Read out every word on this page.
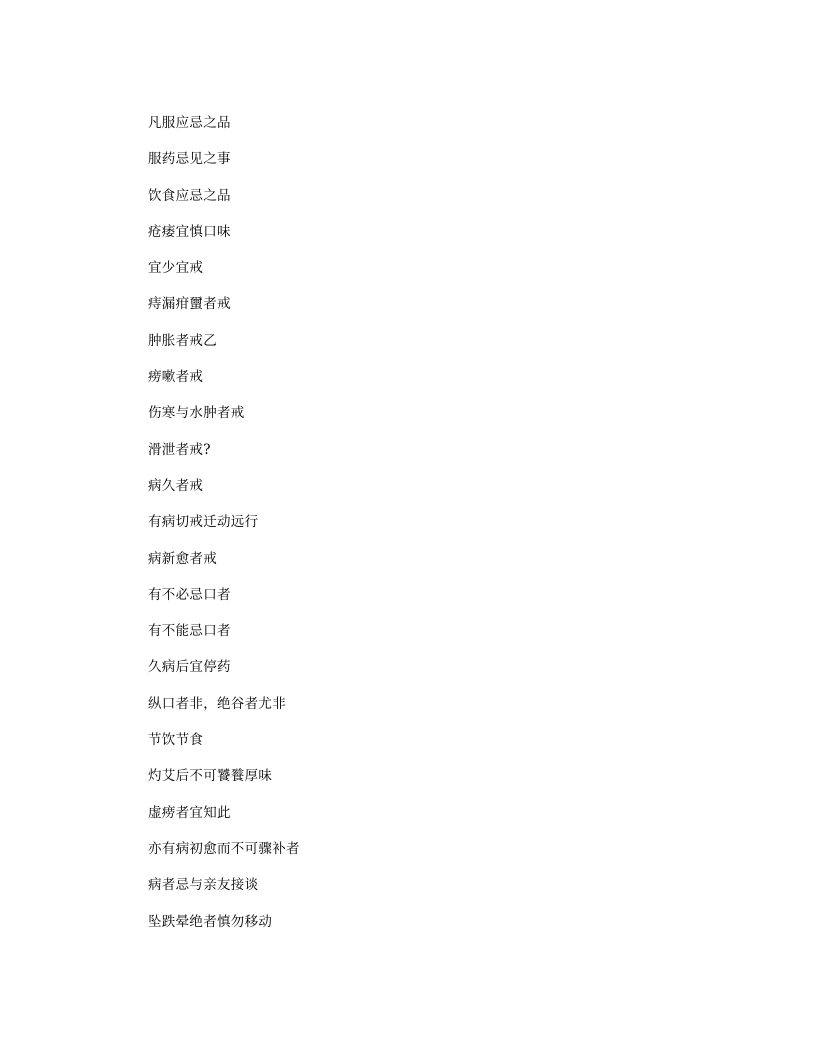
凡服应忌之品
服药忌见之事
饮食应忌之品
疮痿宜慎口味
宜少宜戒
痔漏疳蠒者戒
肿胀者戒乙
痨嗽者戒
伤寒与水肿者戒
滑泄者戒?
病久者戒
有病切戒迁动远行
病新愈者戒
有不必忌口者
有不能忌口者
久病后宜停药
纵口者非，绝谷者尤非
节饮节食
灼艾后不可饕餮厚味
虚痨者宜知此
亦有病初愈而不可骤补者
病者忌与亲友接谈
坠跌晕绝者慎勿移动
